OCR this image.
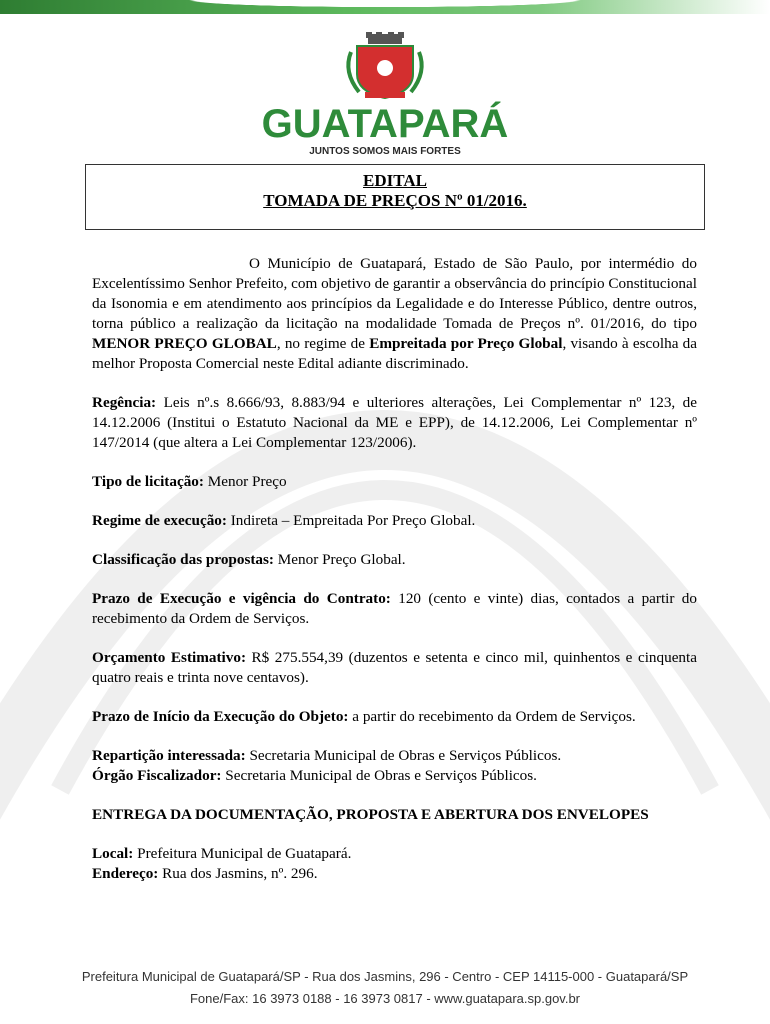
GUATAPARÁ
JUNTOS SOMOS MAIS FORTES
EDITAL
TOMADA DE PREÇOS Nº 01/2016.

O Município de Guatapará, Estado de São Paulo, por intermédio do Excelentíssimo Senhor Prefeito, com objetivo de garantir a observância do princípio Constitucional da Isonomia e em atendimento aos princípios da Legalidade e do Interesse Público, dentre outros, torna público a realização da licitação na modalidade Tomada de Preços nº. 01/2016, do tipo MENOR PREÇO GLOBAL, no regime de Empreitada por Preço Global, visando à escolha da melhor Proposta Comercial neste Edital adiante discriminado.

Regência: Leis nº.s 8.666/93, 8.883/94 e ulteriores alterações, Lei Complementar nº 123, de 14.12.2006 (Institui o Estatuto Nacional da ME e EPP), de 14.12.2006, Lei Complementar nº 147/2014 (que altera a Lei Complementar 123/2006).

Tipo de licitação: Menor Preço

Regime de execução: Indireta – Empreitada Por Preço Global.

Classificação das propostas: Menor Preço Global.

Prazo de Execução e vigência do Contrato: 120 (cento e vinte) dias, contados a partir do recebimento da Ordem de Serviços.

Orçamento Estimativo: R$ 275.554,39 (duzentos e setenta e cinco mil, quinhentos e cinquenta quatro reais e trinta nove centavos).

Prazo de Início da Execução do Objeto: a partir do recebimento da Ordem de Serviços.

Repartição interessada: Secretaria Municipal de Obras e Serviços Públicos.
Órgão Fiscalizador: Secretaria Municipal de Obras e Serviços Públicos.

ENTREGA DA DOCUMENTAÇÃO, PROPOSTA E ABERTURA DOS ENVELOPES

Local: Prefeitura Municipal de Guatapará.
Endereço: Rua dos Jasmins, nº. 296.

Prefeitura Municipal de Guatapará/SP - Rua dos Jasmins, 296 - Centro - CEP 14115-000 - Guatapará/SP
Fone/Fax: 16 3973 0188 - 16 3973 0817 - www.guatapara.sp.gov.br
